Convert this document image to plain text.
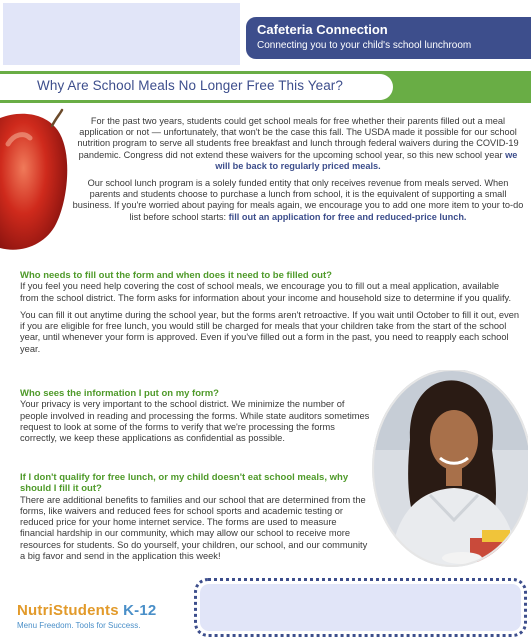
Cafeteria Connection
Connecting you to your child's school lunchroom
Why Are School Meals No Longer Free This Year?

For the past two years, students could get school meals for free whether their parents filled out a meal application or not — unfortunately, that won't be the case this fall. The USDA made it possible for our school nutrition program to serve all students free breakfast and lunch through federal waivers during the COVID-19 pandemic. Congress did not extend these waivers for the upcoming school year, so this new school year we will be back to regularly priced meals.

Our school lunch program is a solely funded entity that only receives revenue from meals served. When parents and students choose to purchase a lunch from school, it is the equivalent of supporting a small business. If you're worried about paying for meals again, we encourage you to add one more item to your to-do list before school starts: fill out an application for free and reduced-price lunch.

Who needs to fill out the form and when does it need to be filled out?

If you feel you need help covering the cost of school meals, we encourage you to fill out a meal application, available from the school district. The form asks for information about your income and household size to determine if you qualify.

You can fill it out anytime during the school year, but the forms aren't retroactive. If you wait until October to fill it out, even if you are eligible for free lunch, you would still be charged for meals that your children take from the start of the school year, until whenever your form is approved. Even if you've filled out a form in the past, you need to reapply each school year.

Who sees the information I put on my form?

Your privacy is very important to the school district. We minimize the number of people involved in reading and processing the forms. While state auditors sometimes request to look at some of the forms to verify that we're processing the forms correctly, we keep these applications as confidential as possible.

If I don't qualify for free lunch, or my child doesn't eat school meals, why should I fill it out?

There are additional benefits to families and our school that are determined from the forms, like waivers and reduced fees for school sports and academic testing or reduced price for your home internet service. The forms are used to measure financial hardship in our community, which may allow our school to receive more resources for students. So do yourself, your children, our school, and our community a big favor and send in the application this week!

NutriStudents K-12
Menu Freedom. Tools for Success.
